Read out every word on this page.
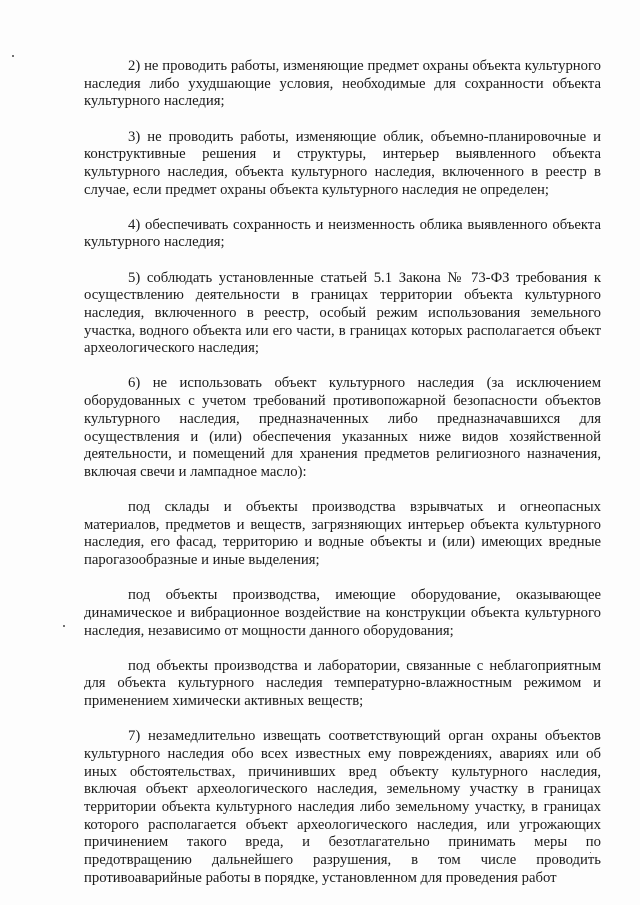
2) не проводить работы, изменяющие предмет охраны объекта культурного наследия либо ухудшающие условия, необходимые для сохранности объекта культурного наследия;

3) не проводить работы, изменяющие облик, объемно-планировочные и конструктивные решения и структуры, интерьер выявленного объекта культурного наследия, объекта культурного наследия, включенного в реестр в случае, если предмет охраны объекта культурного наследия не определен;

4) обеспечивать сохранность и неизменность облика выявленного объекта культурного наследия;

5) соблюдать установленные статьей 5.1 Закона № 73-ФЗ требования к осуществлению деятельности в границах территории объекта культурного наследия, включенного в реестр, особый режим использования земельного участка, водного объекта или его части, в границах которых располагается объект археологического наследия;

6) не использовать объект культурного наследия (за исключением оборудованных с учетом требований противопожарной безопасности объектов культурного наследия, предназначенных либо предназначавшихся для осуществления и (или) обеспечения указанных ниже видов хозяйственной деятельности, и помещений для хранения предметов религиозного назначения, включая свечи и лампадное масло):

под склады и объекты производства взрывчатых и огнеопасных материалов, предметов и веществ, загрязняющих интерьер объекта культурного наследия, его фасад, территорию и водные объекты и (или) имеющих вредные парогазообразные и иные выделения;

под объекты производства, имеющие оборудование, оказывающее динамическое и вибрационное воздействие на конструкции объекта культурного наследия, независимо от мощности данного оборудования;

под объекты производства и лаборатории, связанные с неблагоприятным для объекта культурного наследия температурно-влажностным режимом и применением химически активных веществ;

7) незамедлительно извещать соответствующий орган охраны объектов культурного наследия обо всех известных ему повреждениях, авариях или об иных обстоятельствах, причинивших вред объекту культурного наследия, включая объект археологического наследия, земельному участку в границах территории объекта культурного наследия либо земельному участку, в границах которого располагается объект археологического наследия, или угрожающих причинением такого вреда, и безотлагательно принимать меры по предотвращению дальнейшего разрушения, в том числе проводить противоаварийные работы в порядке, установленном для проведения работ
